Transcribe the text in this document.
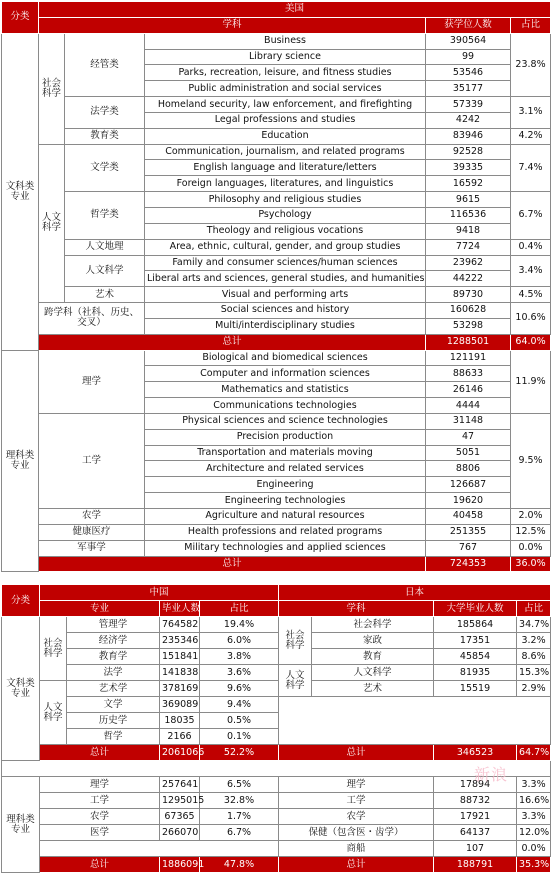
分类	美国				
	学科			获学位人数	占比
文科类专业	社会科学	经管类	Business	390564	23.8%
			Library science	99	
			Parks, recreation, leisure, and fitness studies	53546	
			Public administration and social services	35177	
		法学类	Homeland security, law enforcement, and firefighting	57339	3.1%
			Legal professions and studies	4242	
		教育类	Education	83946	4.2%
	人文科学	文学类	Communication, journalism, and related programs	92528	7.4%
			English language and literature/letters	39335	
			Foreign languages, literatures, and linguistics	16592	
		哲学类	Philosophy and religious studies	9615	6.7%
			Psychology	116536	
			Theology and religious vocations	9418	
		人文地理	Area, ethnic, cultural, gender, and group studies	7724	0.4%
		人文科学	Family and consumer sciences/human sciences	23962	3.4%
			Liberal arts and sciences, general studies, and humanities	44222	
		艺术	Visual and performing arts	89730	4.5%
	跨学科（社科、历史、交叉）		Social sciences and history	160628	10.6%
			Multi/interdisciplinary studies	53298	
	总计			1288501	64.0%
理科类专业	理学		Biological and biomedical sciences	121191	11.9%
			Computer and information sciences	88633	
			Mathematics and statistics	26146	
			Communications technologies	4444	
	工学		Physical sciences and science technologies	31148	9.5%
			Precision production	47	
			Transportation and materials moving	5051	
			Architecture and related services	8806	
			Engineering	126687	
			Engineering technologies	19620	
	农学		Agriculture and natural resources	40458	2.0%
	健康医疗		Health professions and related programs	251355	12.5%
	军事学		Military technologies and applied sciences	767	0.0%
	总计			724353	36.0%
分类	中国				日本			
	专业		毕业人数	占比	学科		大学毕业人数	占比
文科类专业	社会科学	管理学	764582	19.4%	社会科学	社会科学	185864	34.7%
		经济学	235346	6.0%		家政	17351	3.2%
		教育学	151841	3.8%		教育	45854	8.6%
		法学	141838	3.6%	人文科学	人文科学	81935	15.3%
	人文科学	艺术学	378169	9.6%		艺术	15519	2.9%
		文学	369089	9.4%				
		历史学	18035	0.5%				
		哲学	2166	0.1%				
	总计		2061066	52.2%	总计		346523	64.7%

理科类专业	理学		257641	6.5%	理学		17894	3.3%
	工学		1295015	32.8%	工学		88732	16.6%
	农学		67365	1.7%	农学		17921	3.3%
	医学		266070	6.7%	保健（包含医・齿学）		64137	12.0%
					商船		107	0.0%
	总计		1886091	47.8%	总计		188791	35.3%
新浪
